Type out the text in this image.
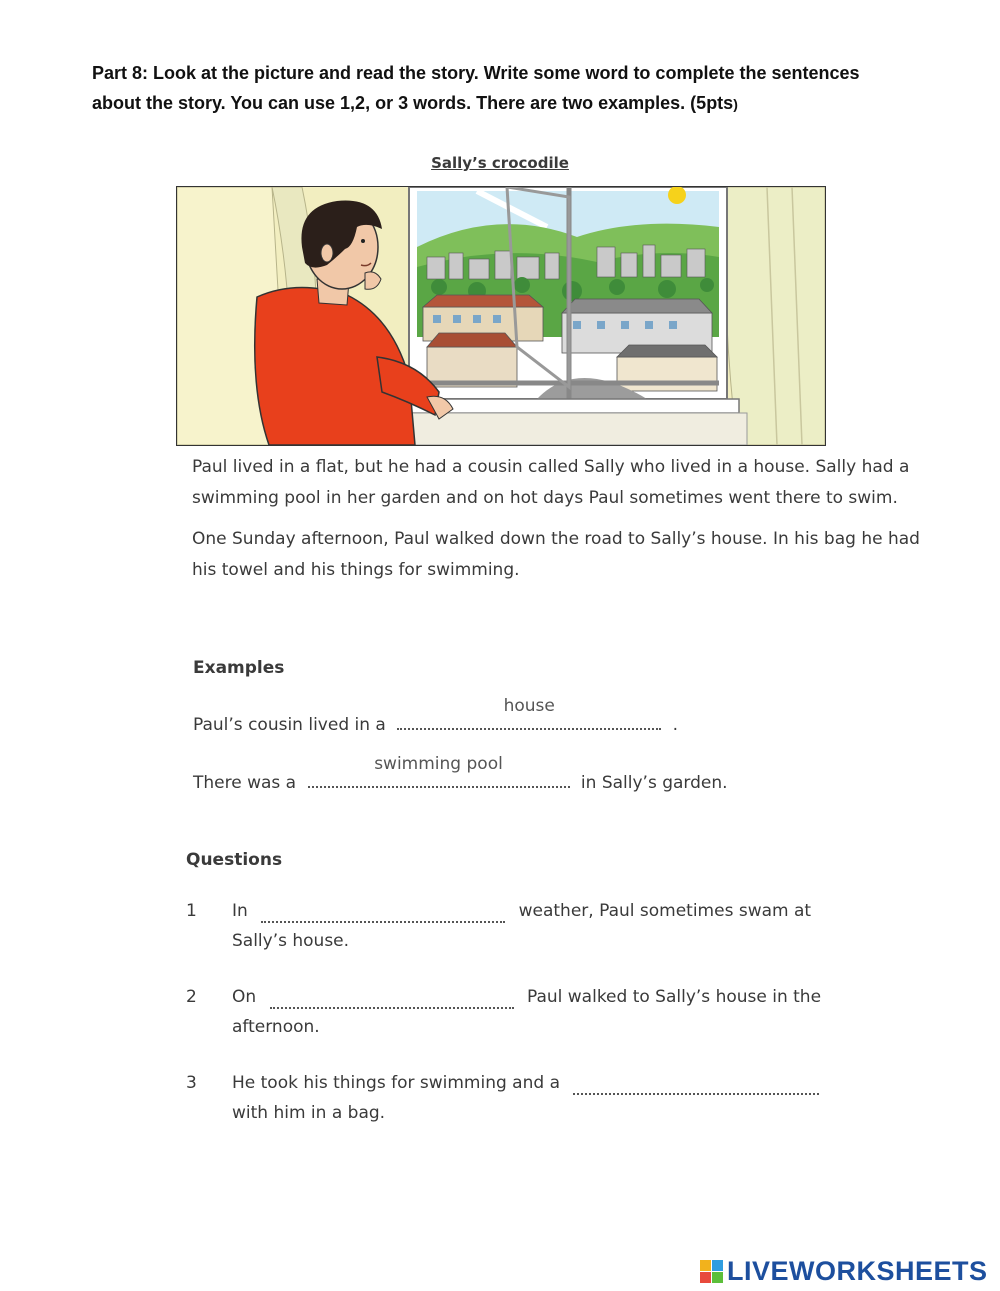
Part 8: Look at the picture and read the story. Write some word to complete the sentences about the story. You can use 1,2, or 3 words. There are two examples. (5pts)
Sally’s crocodile

Paul lived in a flat, but he had a cousin called Sally who lived in a house. Sally had a swimming pool in her garden and on hot days Paul sometimes went there to swim.

One Sunday afternoon, Paul walked down the road to Sally’s house. In his bag he had his towel and his things for swimming.

Examples
Paul’s cousin lived in a
house
.
There was a
swimming pool
in Sally’s garden.
Questions
1 In	weather, Paul sometimes swam at
Sally’s house.
2 On	Paul walked to Sally’s house in the
afternoon.
3 He took his things for swimming and a
with him in a bag.
LIVEWORKSHEETS
